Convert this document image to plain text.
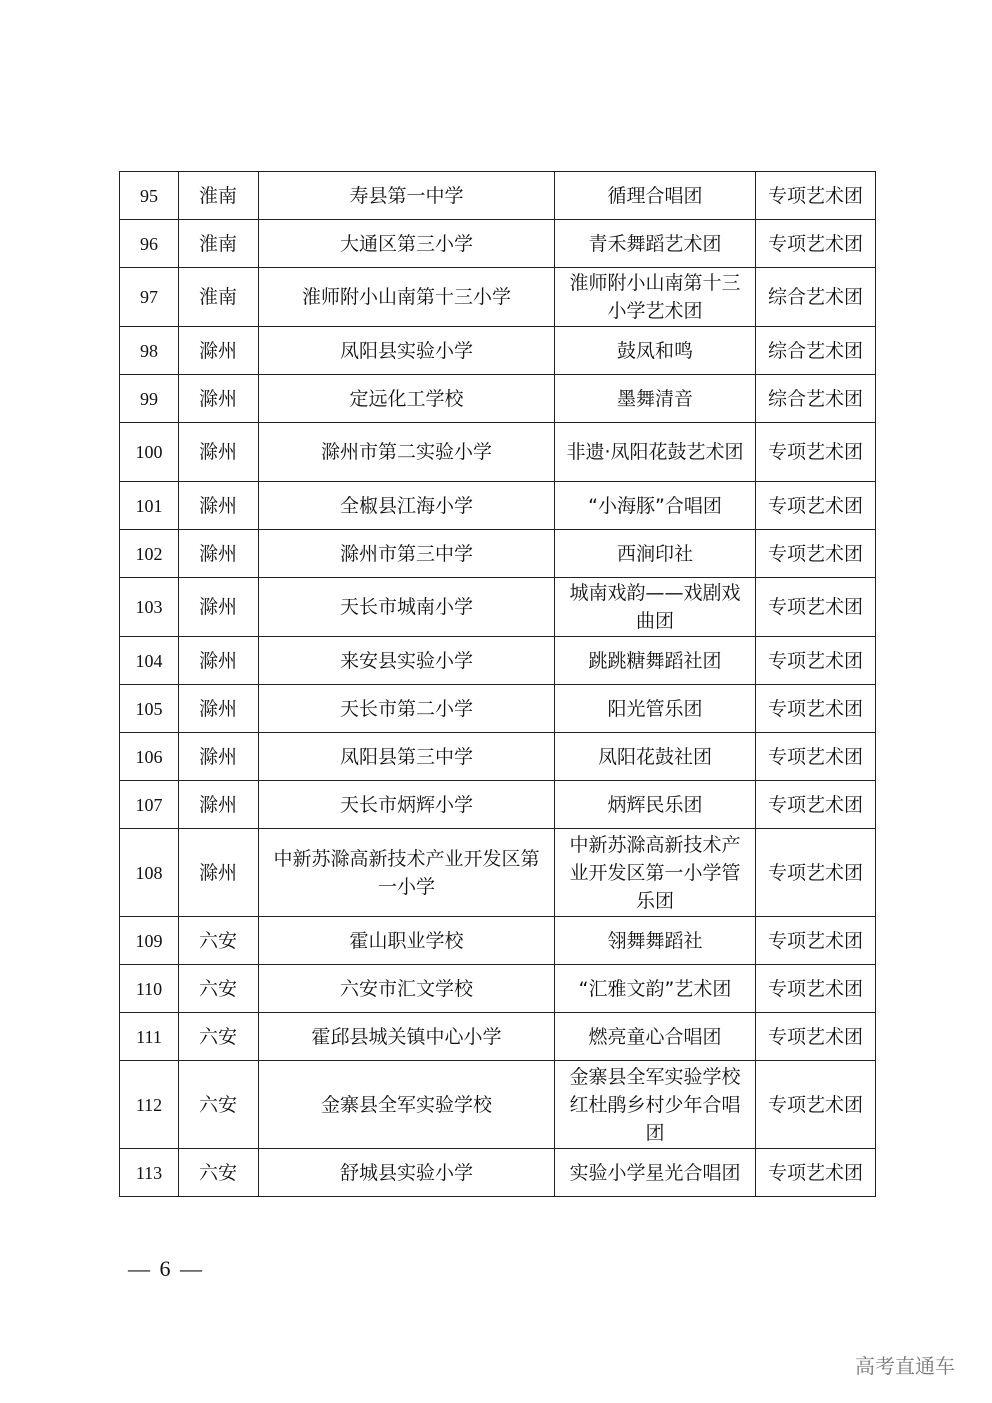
95	淮南	寿县第一中学	循理合唱团	专项艺术团
96	淮南	大通区第三小学	青禾舞蹈艺术团	专项艺术团
97	淮南	淮师附小山南第十三小学	淮师附小山南第十三小学艺术团	综合艺术团
98	滁州	凤阳县实验小学	鼓凤和鸣	综合艺术团
99	滁州	定远化工学校	墨舞清音	综合艺术团
100	滁州	滁州市第二实验小学	非遗·凤阳花鼓艺术团	专项艺术团
101	滁州	全椒县江海小学	“小海豚”合唱团	专项艺术团
102	滁州	滁州市第三中学	西涧印社	专项艺术团
103	滁州	天长市城南小学	城南戏韵——戏剧戏曲团	专项艺术团
104	滁州	来安县实验小学	跳跳糖舞蹈社团	专项艺术团
105	滁州	天长市第二小学	阳光管乐团	专项艺术团
106	滁州	凤阳县第三中学	凤阳花鼓社团	专项艺术团
107	滁州	天长市炳辉小学	炳辉民乐团	专项艺术团
108	滁州	中新苏滁高新技术产业开发区第一小学	中新苏滁高新技术产业开发区第一小学管乐团	专项艺术团
109	六安	霍山职业学校	翎舞舞蹈社	专项艺术团
110	六安	六安市汇文学校	“汇雅文韵”艺术团	专项艺术团
111	六安	霍邱县城关镇中心小学	燃亮童心合唱团	专项艺术团
112	六安	金寨县全军实验学校	金寨县全军实验学校红杜鹃乡村少年合唱团	专项艺术团
113	六安	舒城县实验小学	实验小学星光合唱团	专项艺术团
— 6 —
高考直通车
